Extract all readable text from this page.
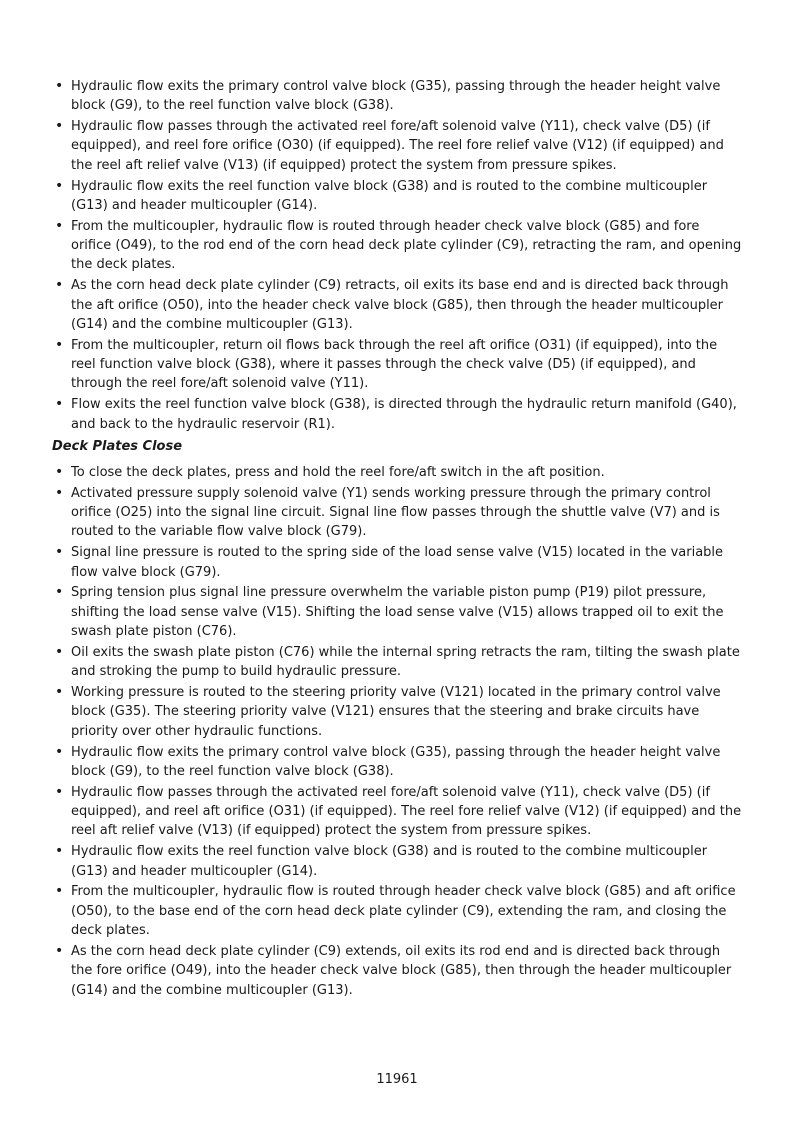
• Hydraulic flow exits the primary control valve block (G35), passing through the header height valve block (G9), to the reel function valve block (G38).
• Hydraulic flow passes through the activated reel fore/aft solenoid valve (Y11), check valve (D5) (if equipped), and reel fore orifice (O30) (if equipped). The reel fore relief valve (V12) (if equipped) and the reel aft relief valve (V13) (if equipped) protect the system from pressure spikes.
• Hydraulic flow exits the reel function valve block (G38) and is routed to the combine multicoupler (G13) and header multicoupler (G14).
• From the multicoupler, hydraulic flow is routed through header check valve block (G85) and fore orifice (O49), to the rod end of the corn head deck plate cylinder (C9), retracting the ram, and opening the deck plates.
• As the corn head deck plate cylinder (C9) retracts, oil exits its base end and is directed back through the aft orifice (O50), into the header check valve block (G85), then through the header multicoupler (G14) and the combine multicoupler (G13).
• From the multicoupler, return oil flows back through the reel aft orifice (O31) (if equipped), into the reel function valve block (G38), where it passes through the check valve (D5) (if equipped), and through the reel fore/aft solenoid valve (Y11).
• Flow exits the reel function valve block (G38), is directed through the hydraulic return manifold (G40), and back to the hydraulic reservoir (R1).
Deck Plates Close
• To close the deck plates, press and hold the reel fore/aft switch in the aft position.
• Activated pressure supply solenoid valve (Y1) sends working pressure through the primary control orifice (O25) into the signal line circuit. Signal line flow passes through the shuttle valve (V7) and is routed to the variable flow valve block (G79).
• Signal line pressure is routed to the spring side of the load sense valve (V15) located in the variable flow valve block (G79).
• Spring tension plus signal line pressure overwhelm the variable piston pump (P19) pilot pressure, shifting the load sense valve (V15). Shifting the load sense valve (V15) allows trapped oil to exit the swash plate piston (C76).
• Oil exits the swash plate piston (C76) while the internal spring retracts the ram, tilting the swash plate and stroking the pump to build hydraulic pressure.
• Working pressure is routed to the steering priority valve (V121) located in the primary control valve block (G35). The steering priority valve (V121) ensures that the steering and brake circuits have priority over other hydraulic functions.
• Hydraulic flow exits the primary control valve block (G35), passing through the header height valve block (G9), to the reel function valve block (G38).
• Hydraulic flow passes through the activated reel fore/aft solenoid valve (Y11), check valve (D5) (if equipped), and reel aft orifice (O31) (if equipped). The reel fore relief valve (V12) (if equipped) and the reel aft relief valve (V13) (if equipped) protect the system from pressure spikes.
• Hydraulic flow exits the reel function valve block (G38) and is routed to the combine multicoupler (G13) and header multicoupler (G14).
• From the multicoupler, hydraulic flow is routed through header check valve block (G85) and aft orifice (O50), to the base end of the corn head deck plate cylinder (C9), extending the ram, and closing the deck plates.
• As the corn head deck plate cylinder (C9) extends, oil exits its rod end and is directed back through the fore orifice (O49), into the header check valve block (G85), then through the header multicoupler (G14) and the combine multicoupler (G13).
11961
